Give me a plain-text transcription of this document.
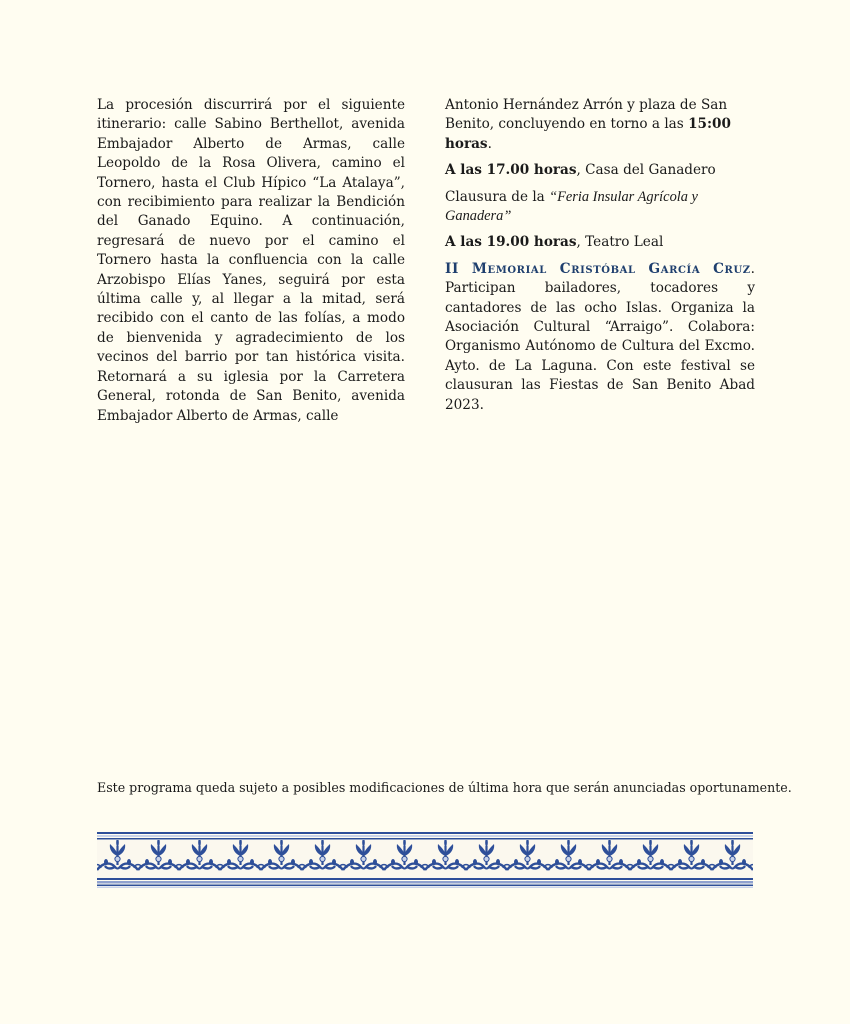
La procesión discurrirá por el siguiente itinerario: calle Sabino Berthellot, avenida Embajador Alberto de Armas, calle Leopoldo de la Rosa Olivera, camino el Tornero, hasta el Club Hípico “La Atalaya”, con recibimiento para realizar la Bendición del Ganado Equino. A continuación, regresará de nuevo por el camino el Tornero hasta la confluencia con la calle Arzobispo Elías Yanes, seguirá por esta última calle y, al llegar a la mitad, será recibido con el canto de las folías, a modo de bienvenida y agradecimiento de los vecinos del barrio por tan histórica visita. Retornará a su iglesia por la Carretera General, rotonda de San Benito, avenida Embajador Alberto de Armas, calle

Antonio Hernández Arrón y plaza de San Benito, concluyendo en torno a las 15:00 horas.

A las 17.00 horas, Casa del Ganadero

Clausura de la “Feria Insular Agrícola y Ganadera”

A las 19.00 horas, Teatro Leal

II Memorial Cristóbal García Cruz. Participan bailadores, tocadores y cantadores de las ocho Islas. Organiza la Asociación Cultural “Arraigo”. Colabora: Organismo Autónomo de Cultura del Excmo. Ayto. de La Laguna. Con este festival se clausuran las Fiestas de San Benito Abad 2023.

Este programa queda sujeto a posibles modificaciones de última hora que serán anunciadas oportunamente.
